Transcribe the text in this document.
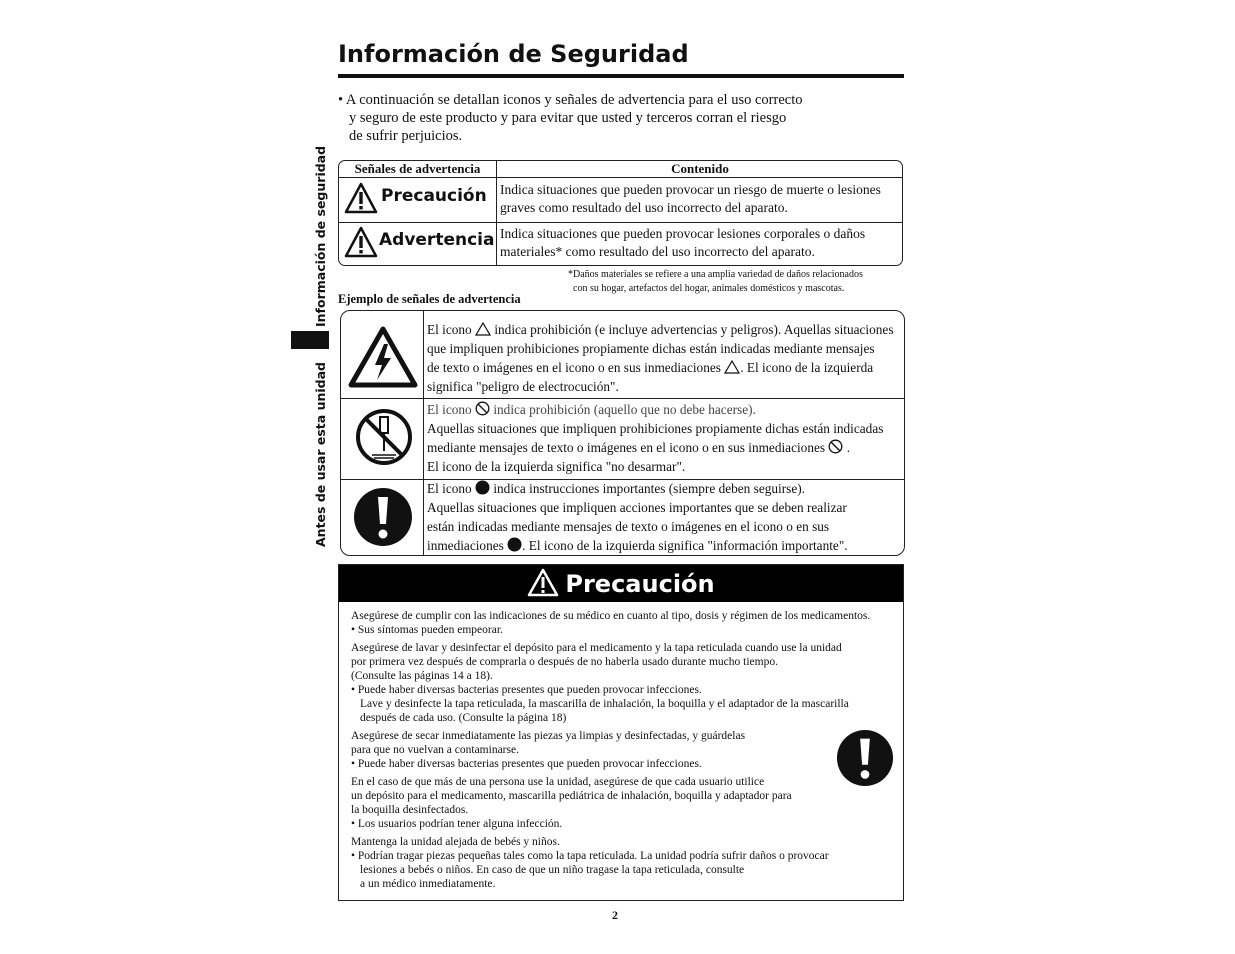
Información de Seguridad
• A continuación se detallan iconos y señales de advertencia para el uso correcto
y seguro de este producto y para evitar que usted y terceros corran el riesgo
de sufrir perjuicios.
Información de seguridad
Antes de usar esta unidad
Señales de advertencia	Contenido
Precaución Indica situaciones que pueden provocar un riesgo de muerte o lesiones
graves como resultado del uso incorrecto del aparato.
Advertencia Indica situaciones que pueden provocar lesiones corporales o daños
materiales* como resultado del uso incorrecto del aparato.
*Daños materiales se refiere a una amplia variedad de daños relacionados
con su hogar, artefactos del hogar, animales domésticos y mascotas.
Ejemplo de señales de advertencia
El icono indica prohibición (e incluye advertencias y peligros). Aquellas situaciones
que impliquen prohibiciones propiamente dichas están indicadas mediante mensajes
de texto o imágenes en el icono o en sus inmediaciones . El icono de la izquierda
significa "peligro de electrocución".
El icono indica prohibición (aquello que no debe hacerse).
Aquellas situaciones que impliquen prohibiciones propiamente dichas están indicadas
mediante mensajes de texto o imágenes en el icono o en sus inmediaciones .
El icono de la izquierda significa "no desarmar".
El icono indica instrucciones importantes (siempre deben seguirse).
Aquellas situaciones que impliquen acciones importantes que se deben realizar
están indicadas mediante mensajes de texto o imágenes en el icono o en sus
inmediaciones . El icono de la izquierda significa "información importante".
Precaución
Asegúrese de cumplir con las indicaciones de su médico en cuanto al tipo, dosis y régimen de los medicamentos.
• Sus síntomas pueden empeorar.
Asegúrese de lavar y desinfectar el depósito para el medicamento y la tapa reticulada cuando use la unidad
por primera vez después de comprarla o después de no haberla usado durante mucho tiempo.
(Consulte las páginas 14 a 18).
• Puede haber diversas bacterias presentes que pueden provocar infecciones.
Lave y desinfecte la tapa reticulada, la mascarilla de inhalación, la boquilla y el adaptador de la mascarilla
después de cada uso. (Consulte la página 18)
Asegúrese de secar inmediatamente las piezas ya limpias y desinfectadas, y guárdelas
para que no vuelvan a contaminarse.
• Puede haber diversas bacterias presentes que pueden provocar infecciones.
En el caso de que más de una persona use la unidad, asegúrese de que cada usuario utilice
un depósito para el medicamento, mascarilla pediátrica de inhalación, boquilla y adaptador para
la boquilla desinfectados.
• Los usuarios podrían tener alguna infección.
Mantenga la unidad alejada de bebés y niños.
• Podrían tragar piezas pequeñas tales como la tapa reticulada. La unidad podría sufrir daños o provocar
lesiones a bebés o niños. En caso de que un niño tragase la tapa reticulada, consulte
a un médico inmediatamente.
2
